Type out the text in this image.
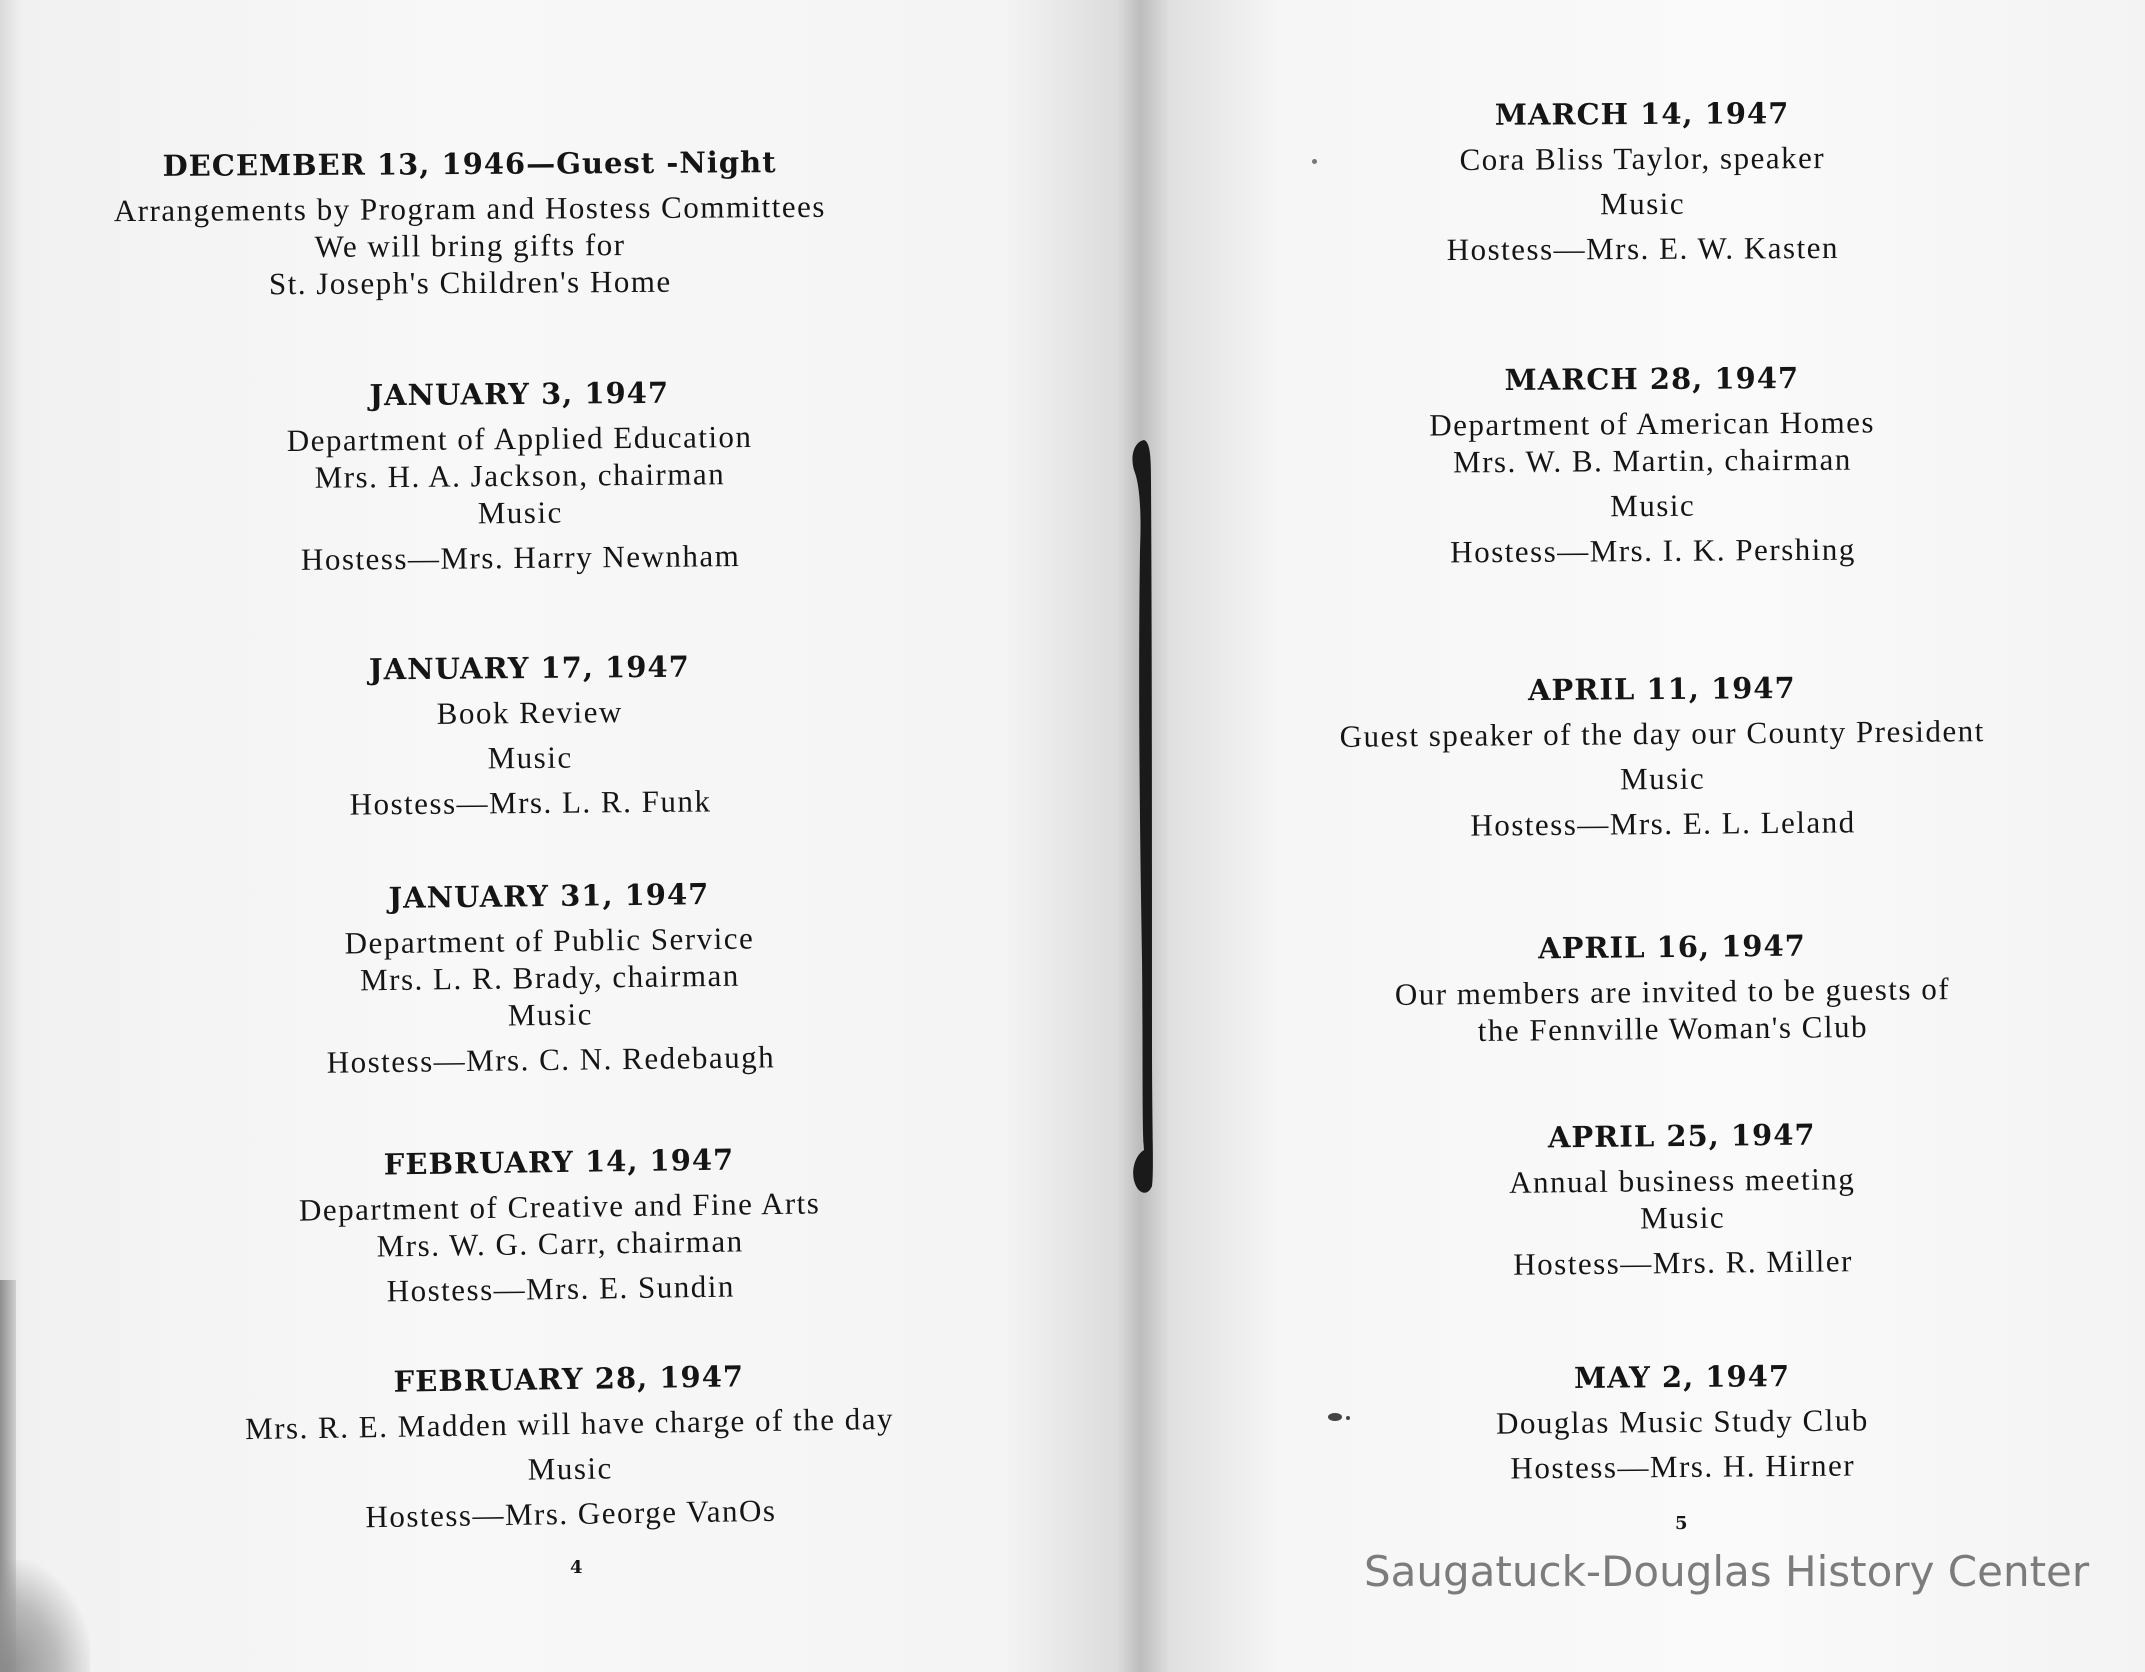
DECEMBER 13, 1946—Guest -Night
Arrangements by Program and Hostess Committees
We will bring gifts for
St. Joseph's Children's Home
JANUARY 3, 1947
Department of Applied Education
Mrs. H. A. Jackson, chairman
Music
Hostess—Mrs. Harry Newnham
JANUARY 17, 1947
Book Review
Music
Hostess—Mrs. L. R. Funk
JANUARY 31, 1947
Department of Public Service
Mrs. L. R. Brady, chairman
Music
Hostess—Mrs. C. N. Redebaugh
FEBRUARY 14, 1947
Department of Creative and Fine Arts
Mrs. W. G. Carr, chairman
Hostess—Mrs. E. Sundin
FEBRUARY 28, 1947
Mrs. R. E. Madden will have charge of the day
Music
Hostess—Mrs. George VanOs
4
MARCH 14, 1947
Cora Bliss Taylor, speaker
Music
Hostess—Mrs. E. W. Kasten
MARCH 28, 1947
Department of American Homes
Mrs. W. B. Martin, chairman
Music
Hostess—Mrs. I. K. Pershing
APRIL 11, 1947
Guest speaker of the day our County President
Music
Hostess—Mrs. E. L. Leland
APRIL 16, 1947
Our members are invited to be guests of
the Fennville Woman's Club
APRIL 25, 1947
Annual business meeting
Music
Hostess—Mrs. R. Miller
MAY 2, 1947
Douglas Music Study Club
Hostess—Mrs. H. Hirner
5
Saugatuck-Douglas History Center
